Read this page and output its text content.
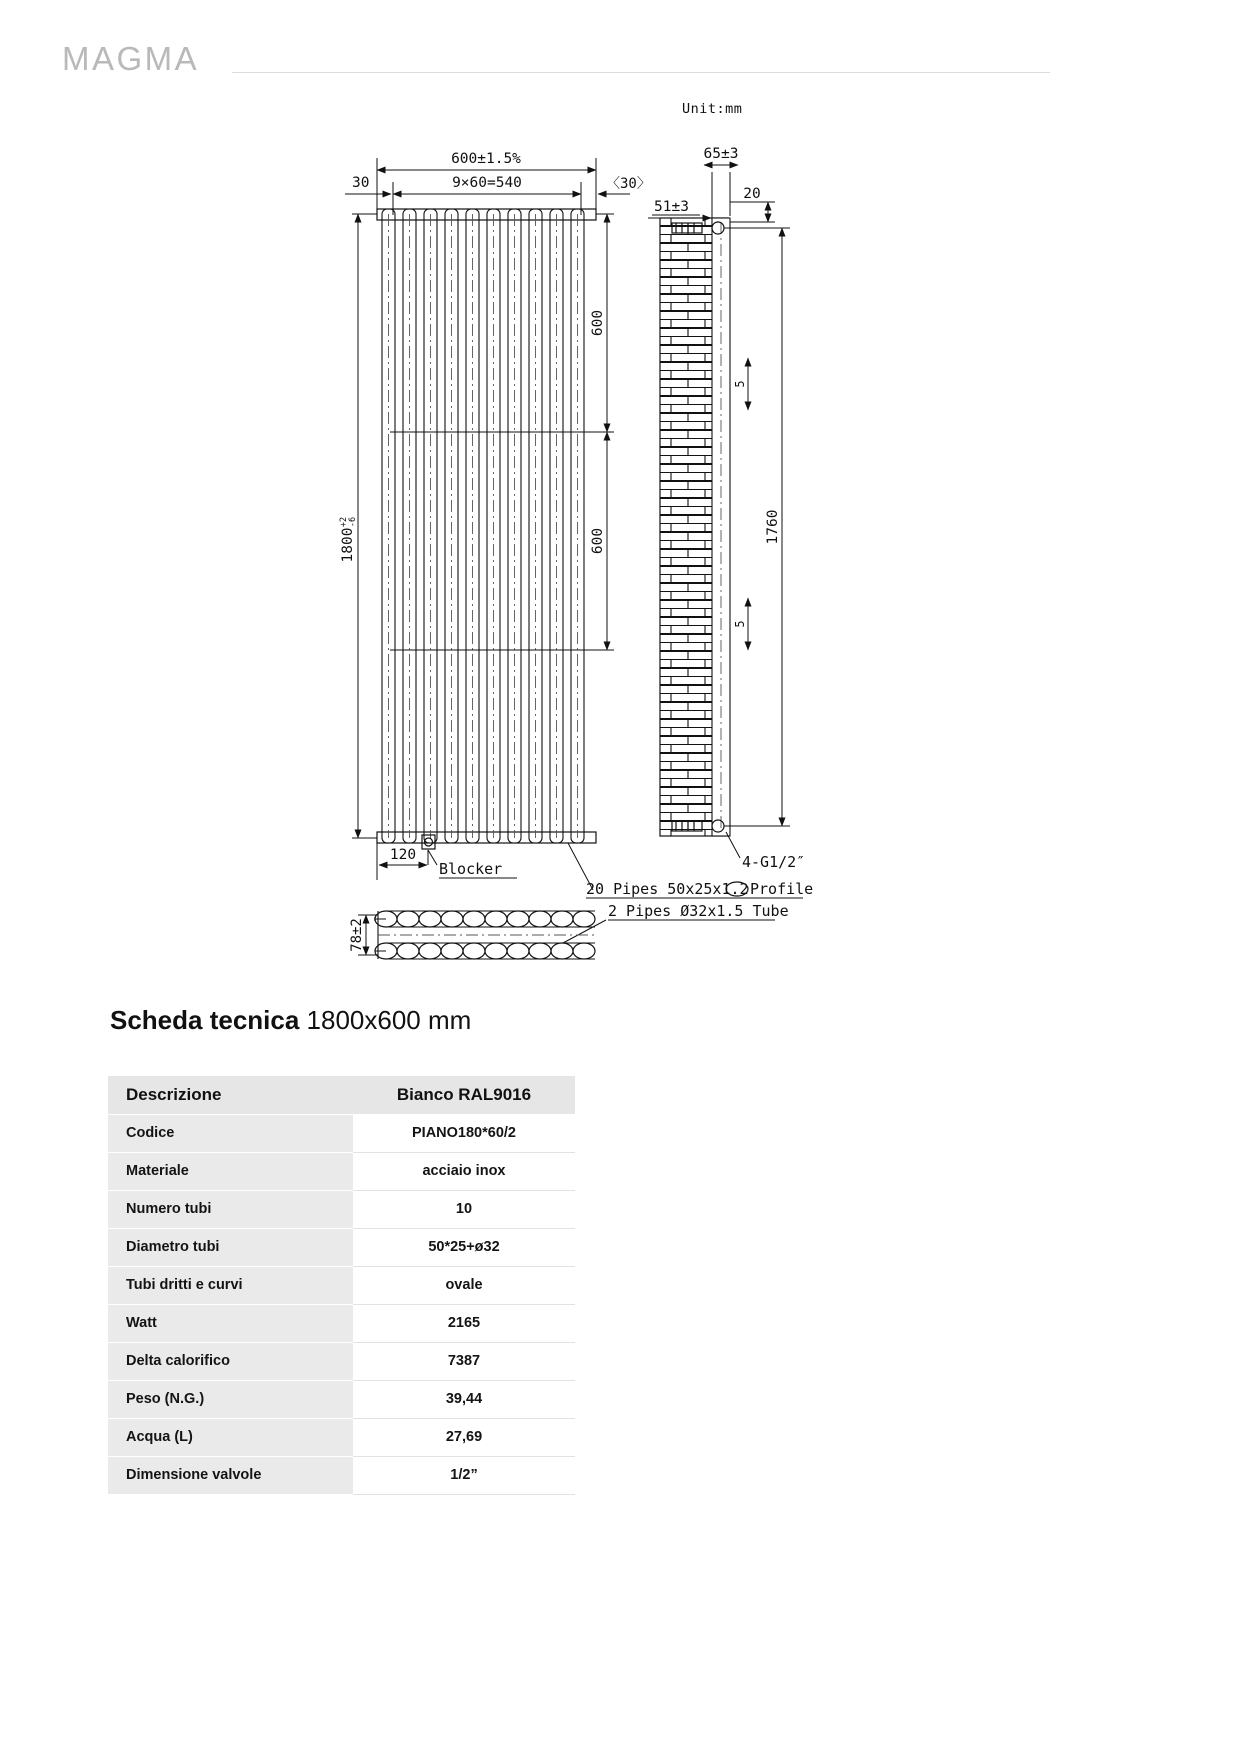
MAGMA
Unit:mm
600±1.5%
9×60=540
30	〈30〉
1800
+2 -6
600
600
120
Blocker
51±3
65±3
20
1760
5
5
4-G1/2″
20 Pipes 50x25x1.2 Profile
2 Pipes Ø32x1.5 Tube
78±2
Scheda tecnica 1800x600 mm
Descrizione	Bianco RAL9016
Codice	PIANO180*60/2
Materiale	acciaio inox
Numero tubi	10
Diametro tubi	50*25+ø32
Tubi dritti e curvi	ovale
Watt	2165
Delta calorifico	7387
Peso (N.G.)	39,44
Acqua (L)	27,69
Dimensione valvole	1/2”
